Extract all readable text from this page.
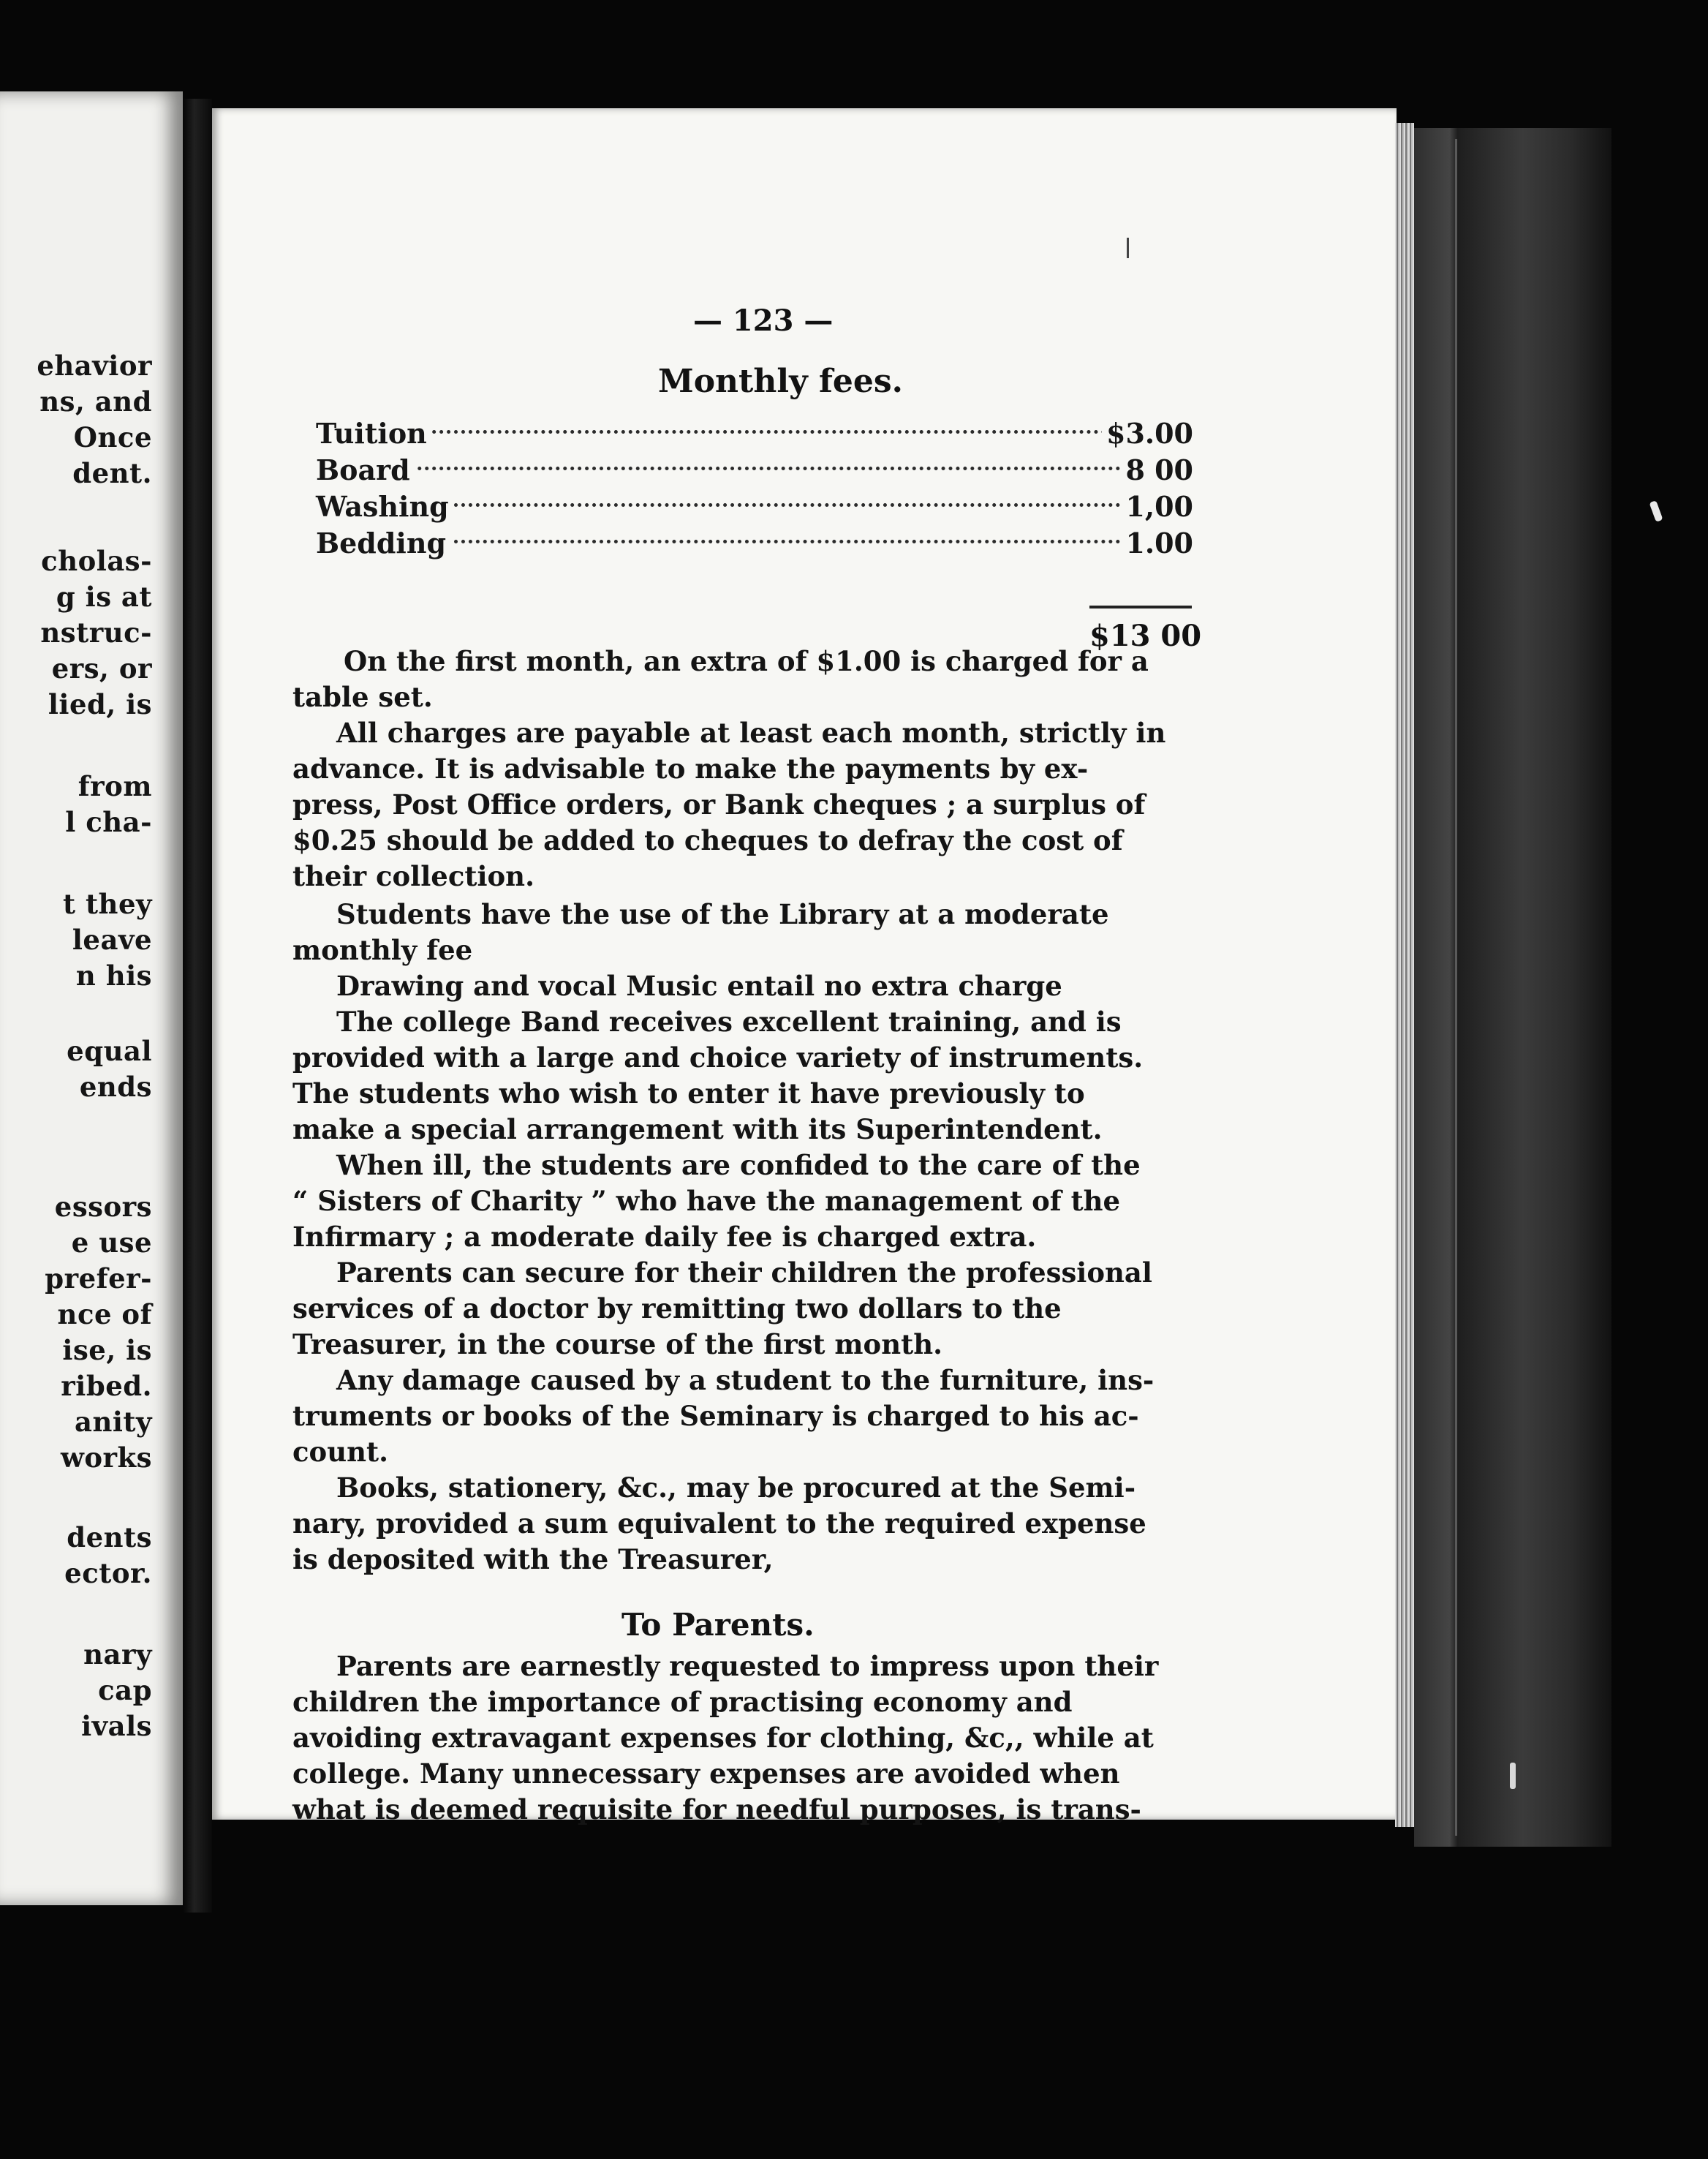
ehavior
ns, and
Once
dent.
cholas-
g is at
nstruc-
ers, or
lied, is
from
l cha-
t they
leave
n his
equal
ends
essors
e use
prefer-
nce of
ise, is
ribed.
anity
works
dents
ector.
nary
cap
ivals
— 123 —
Monthly fees.
Tuition	$3.00
Board	8 00
Washing	1,00
Bedding	1.00
$13 00
On the first month, an extra of $1.00 is charged for a
table set.
All charges are payable at least each month, strictly in
advance. It is advisable to make the payments by ex-
press, Post Office orders, or Bank cheques ; a surplus of
$0.25 should be added to cheques to defray the cost of
their collection.
Students have the use of the Library at a moderate
monthly fee
Drawing and vocal Music entail no extra charge
The college Band receives excellent training, and is
provided with a large and choice variety of instruments.
The students who wish to enter it have previously to
make a special arrangement with its Superintendent.
When ill, the students are confided to the care of the
“ Sisters of Charity ” who have the management of the
Infirmary ; a moderate daily fee is charged extra.
Parents can secure for their children the professional
services of a doctor by remitting two dollars to the
Treasurer, in the course of the first month.
Any damage caused by a student to the furniture, ins-
truments or books of the Seminary is charged to his ac-
count.
Books, stationery, &c., may be procured at the Semi-
nary, provided a sum equivalent to the required expense
is deposited with the Treasurer,
To Parents.
Parents are earnestly requested to impress upon their
children the importance of practising economy and
avoiding extravagant expenses for clothing, &c,, while at
college. Many unnecessary expenses are avoided when
what is deemed requisite for needful purposes, is trans-
